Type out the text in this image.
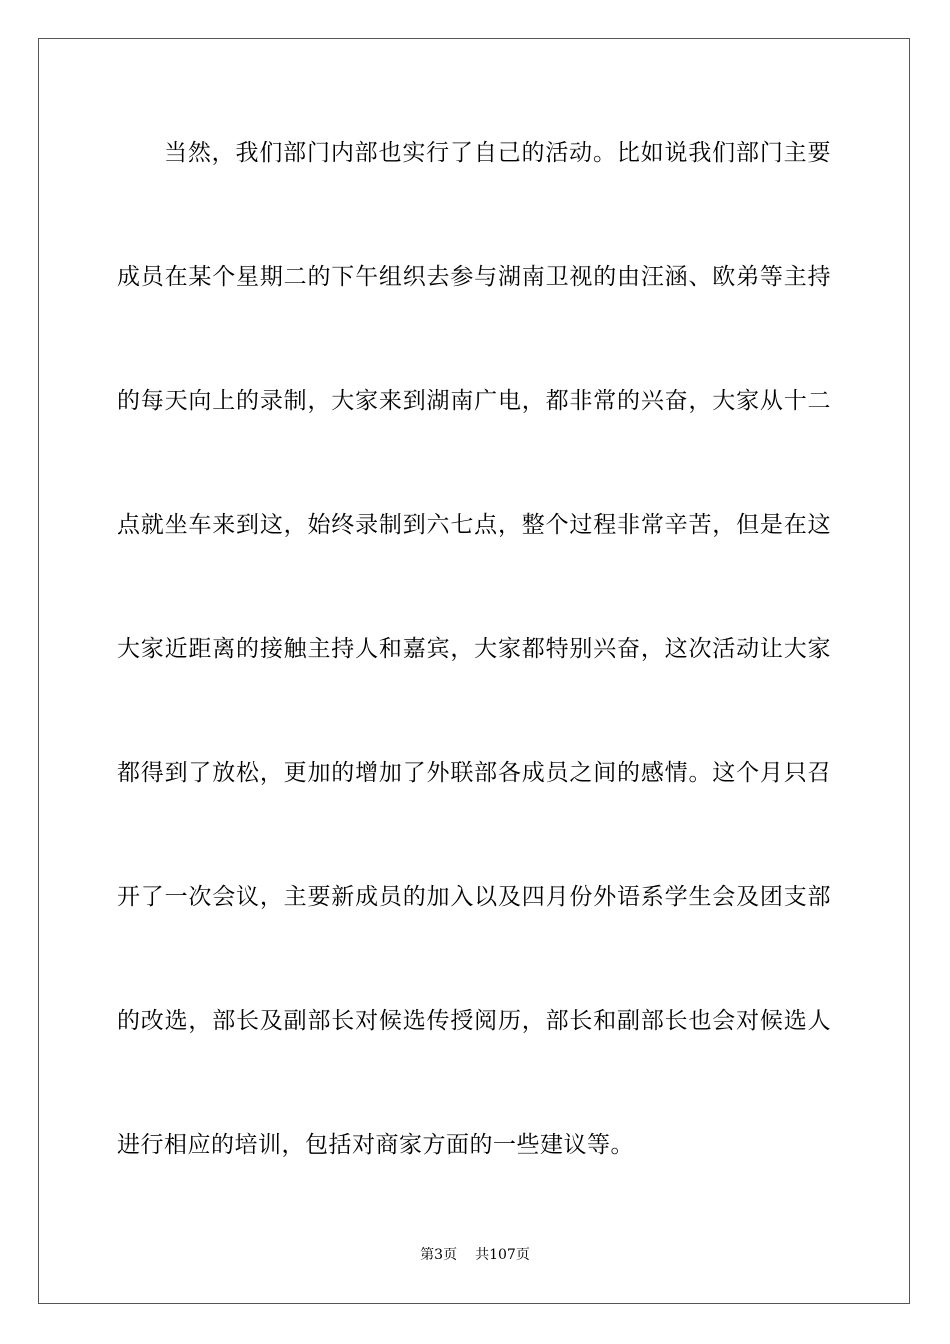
当然，我们部门内部也实行了自己的活动。比如说我们部门主要
成员在某个星期二的下午组织去参与湖南卫视的由汪涵、欧弟等主持
的每天向上的录制，大家来到湖南广电，都非常的兴奋，大家从十二
点就坐车来到这，始终录制到六七点，整个过程非常辛苦，但是在这
大家近距离的接触主持人和嘉宾，大家都特别兴奋，这次活动让大家
都得到了放松，更加的增加了外联部各成员之间的感情。这个月只召
开了一次会议，主要新成员的加入以及四月份外语系学生会及团支部
的改选，部长及副部长对候选传授阅历，部长和副部长也会对候选人
进行相应的培训，包括对商家方面的一些建议等。
第3页 共107页
